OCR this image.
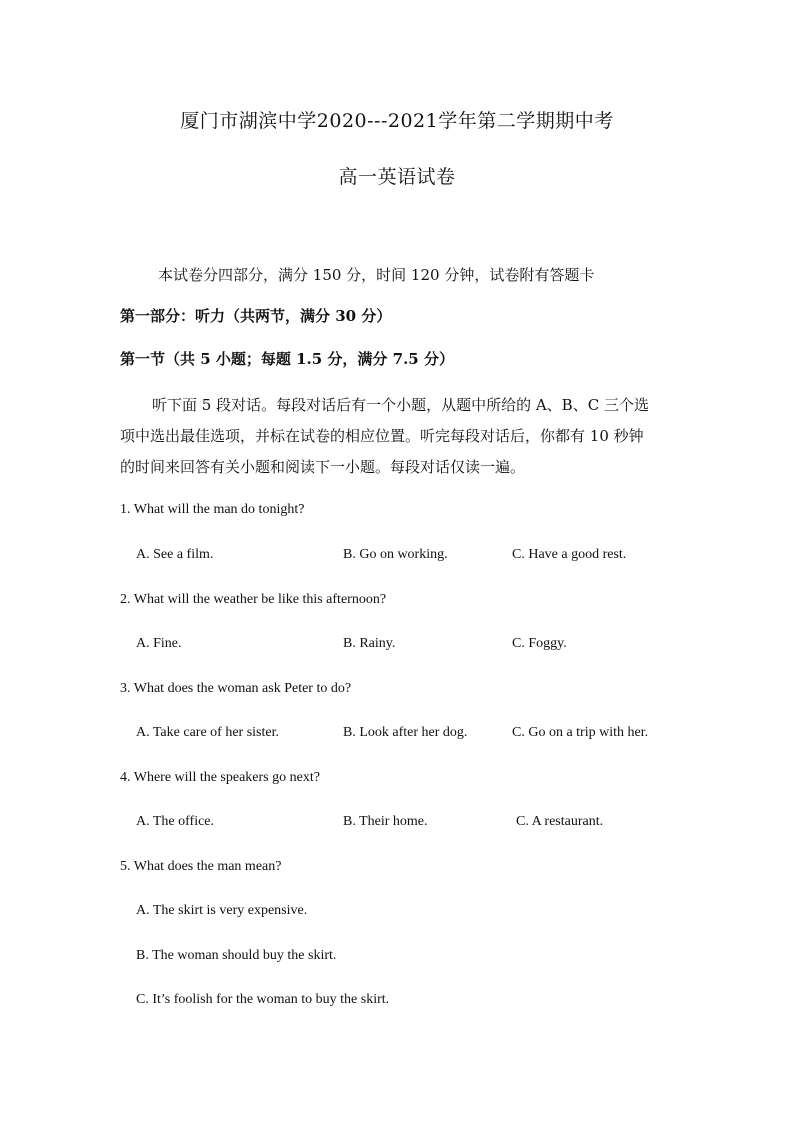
厦门市湖滨中学2020---2021学年第二学期期中考
高一英语试卷
本试卷分四部分，满分 150 分，时间 120 分钟，试卷附有答题卡
第一部分：听力（共两节，满分 30 分）
第一节（共 5 小题；每题 1.5 分，满分 7.5 分）
听下面 5 段对话。每段对话后有一个小题，从题中所给的 A、B、C 三个选
项中选出最佳选项，并标在试卷的相应位置。听完每段对话后，你都有 10 秒钟
的时间来回答有关小题和阅读下一小题。每段对话仅读一遍。
1. What will the man do tonight?
A. See a film.	B. Go on working.	C. Have a good rest.
2. What will the weather be like this afternoon?
A. Fine.	B. Rainy.	C. Foggy.
3. What does the woman ask Peter to do?
A. Take care of her sister.	B. Look after her dog.	C. Go on a trip with her.
4. Where will the speakers go next?
A. The office.	B. Their home.	C. A restaurant.
5. What does the man mean?
A. The skirt is very expensive.
B. The woman should buy the skirt.
C. It’s foolish for the woman to buy the skirt.
